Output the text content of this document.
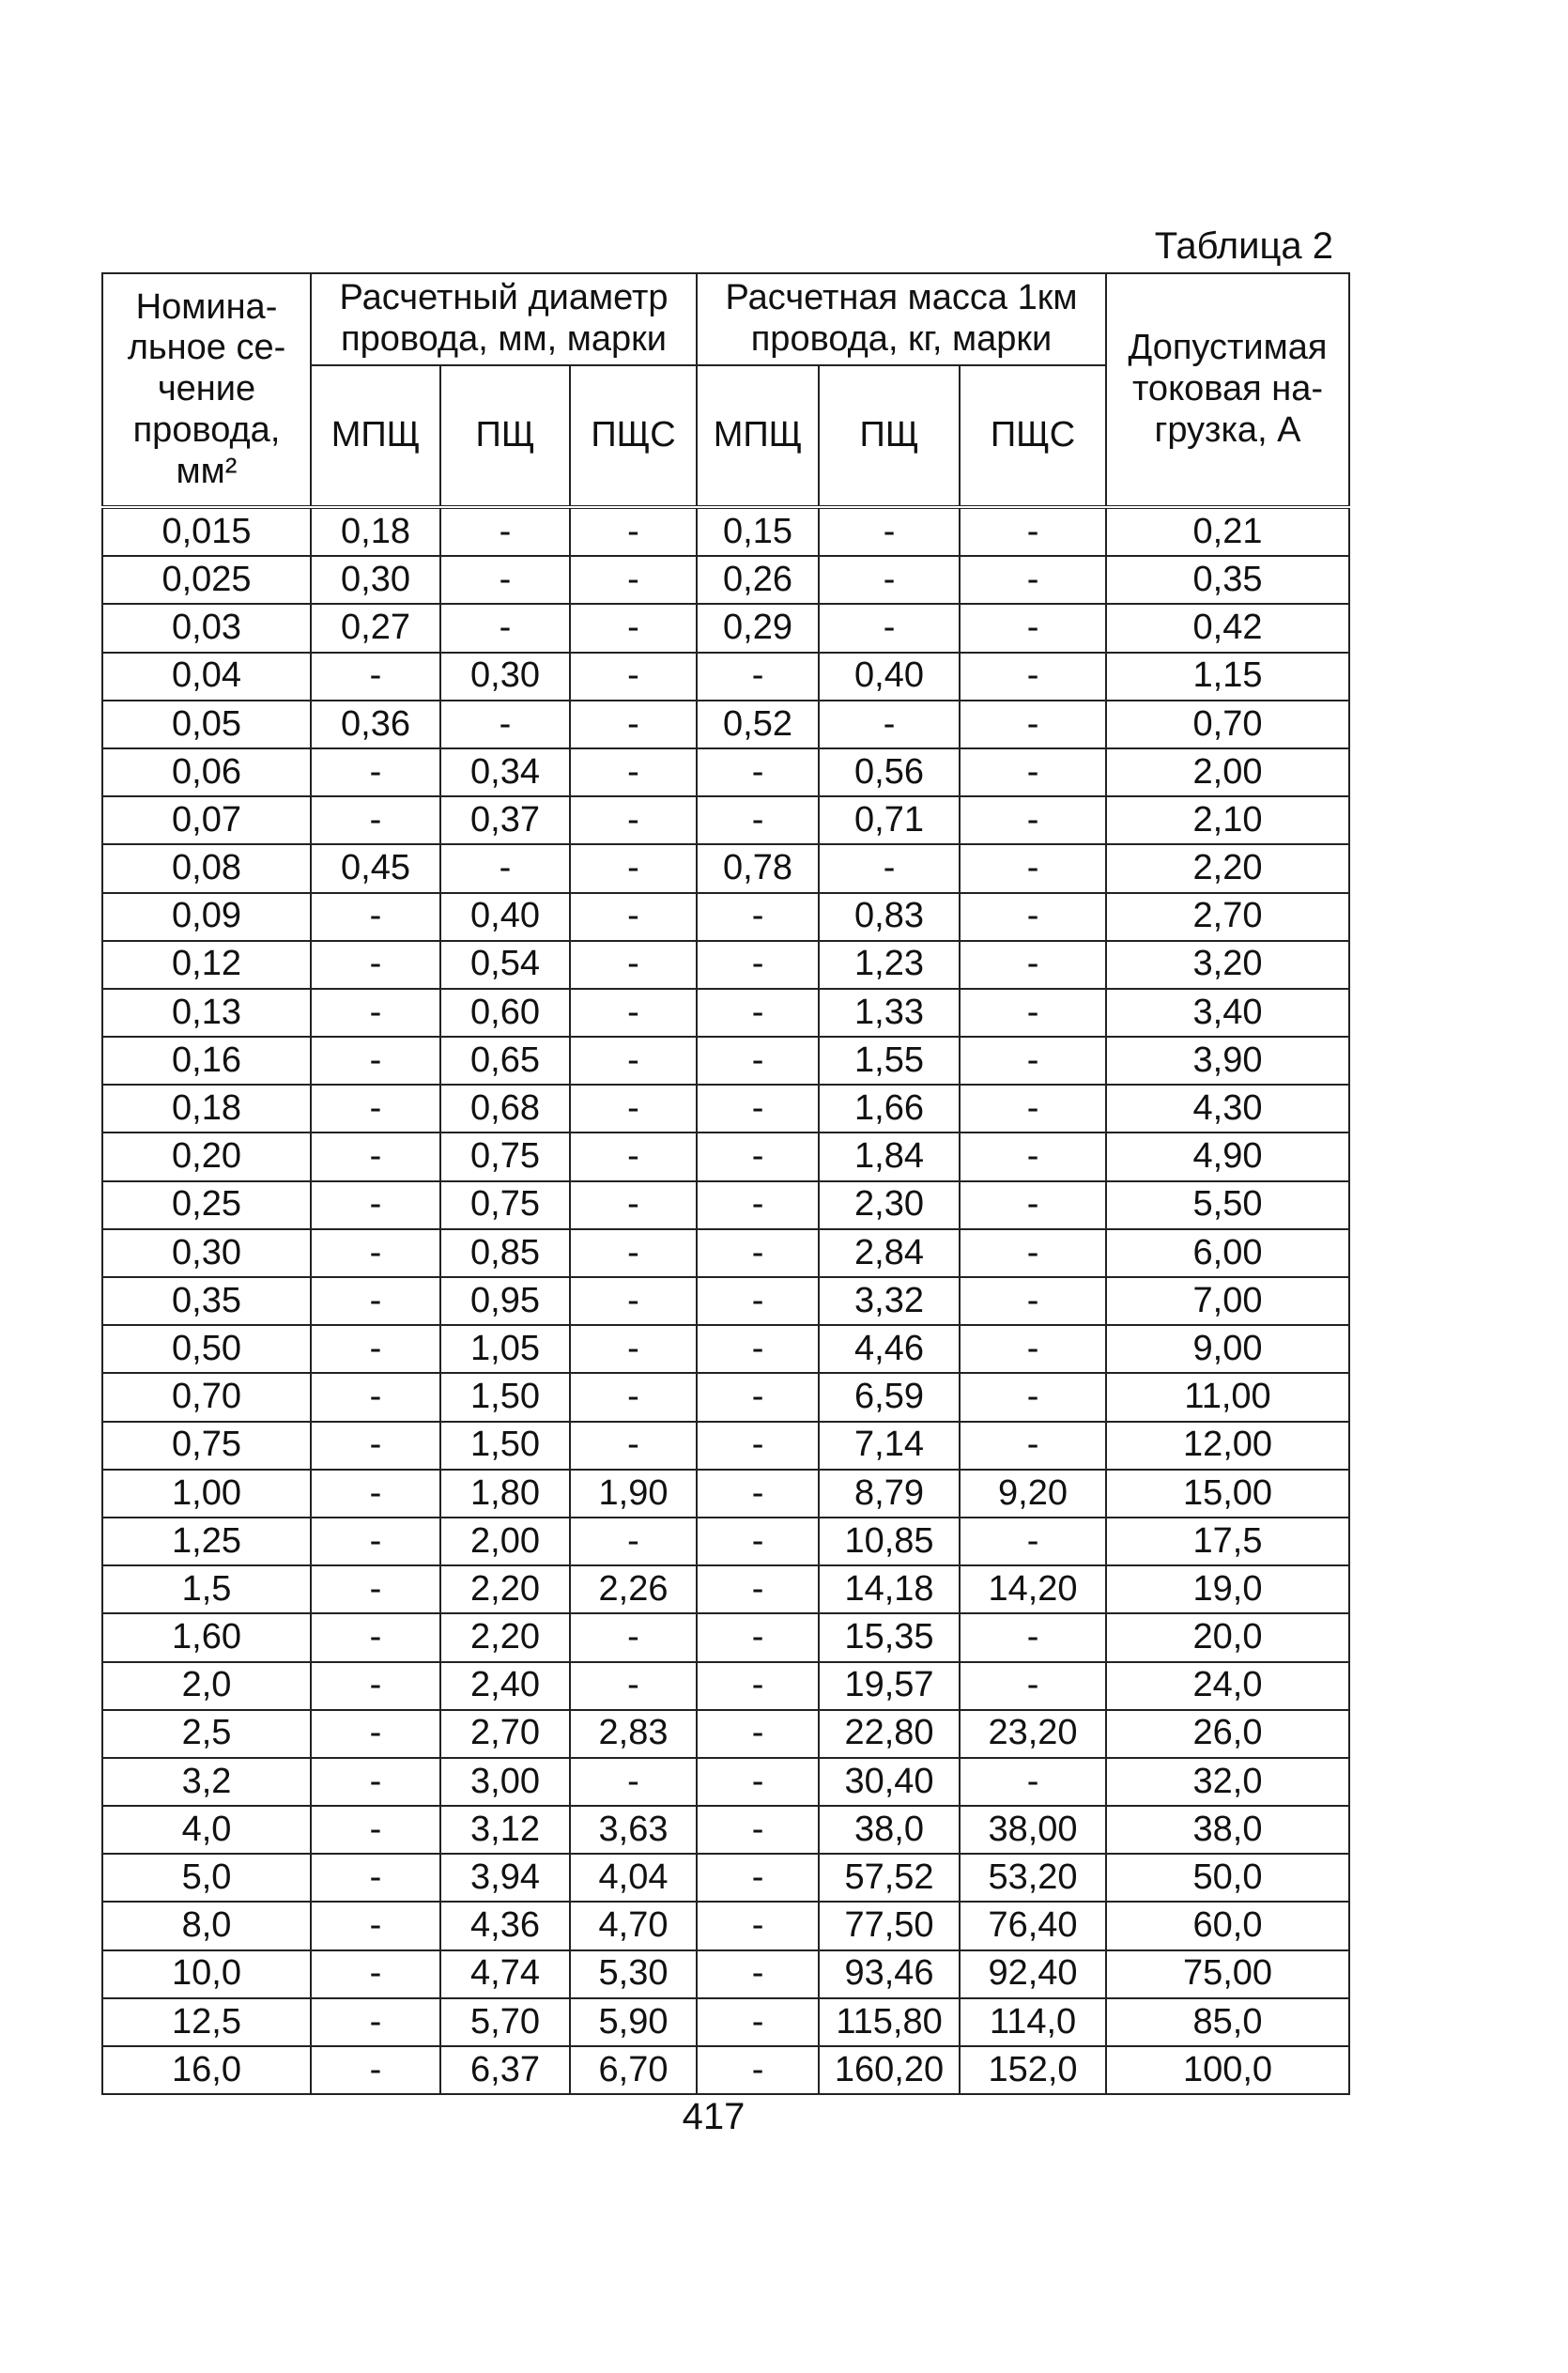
Таблица 2
Номина-льное се-чение провода, мм²	Расчетный диаметр провода, мм, марки			Расчетная масса 1км провода, кг, марки			Допустимая токовая на-грузка, А
	МПЩ	ПЩ	ПЩС	МПЩ	ПЩ	ПЩС	
0,015	0,18	-	-	0,15	-	-	0,21
0,025	0,30	-	-	0,26	-	-	0,35
0,03	0,27	-	-	0,29	-	-	0,42
0,04	-	0,30	-	-	0,40	-	1,15
0,05	0,36	-	-	0,52	-	-	0,70
0,06	-	0,34	-	-	0,56	-	2,00
0,07	-	0,37	-	-	0,71	-	2,10
0,08	0,45	-	-	0,78	-	-	2,20
0,09	-	0,40	-	-	0,83	-	2,70
0,12	-	0,54	-	-	1,23	-	3,20
0,13	-	0,60	-	-	1,33	-	3,40
0,16	-	0,65	-	-	1,55	-	3,90
0,18	-	0,68	-	-	1,66	-	4,30
0,20	-	0,75	-	-	1,84	-	4,90
0,25	-	0,75	-	-	2,30	-	5,50
0,30	-	0,85	-	-	2,84	-	6,00
0,35	-	0,95	-	-	3,32	-	7,00
0,50	-	1,05	-	-	4,46	-	9,00
0,70	-	1,50	-	-	6,59	-	11,00
0,75	-	1,50	-	-	7,14	-	12,00
1,00	-	1,80	1,90	-	8,79	9,20	15,00
1,25	-	2,00	-	-	10,85	-	17,5
1,5	-	2,20	2,26	-	14,18	14,20	19,0
1,60	-	2,20	-	-	15,35	-	20,0
2,0	-	2,40	-	-	19,57	-	24,0
2,5	-	2,70	2,83	-	22,80	23,20	26,0
3,2	-	3,00	-	-	30,40	-	32,0
4,0	-	3,12	3,63	-	38,0	38,00	38,0
5,0	-	3,94	4,04	-	57,52	53,20	50,0
8,0	-	4,36	4,70	-	77,50	76,40	60,0
10,0	-	4,74	5,30	-	93,46	92,40	75,00
12,5	-	5,70	5,90	-	115,80	114,0	85,0
16,0	-	6,37	6,70	-	160,20	152,0	100,0
417
